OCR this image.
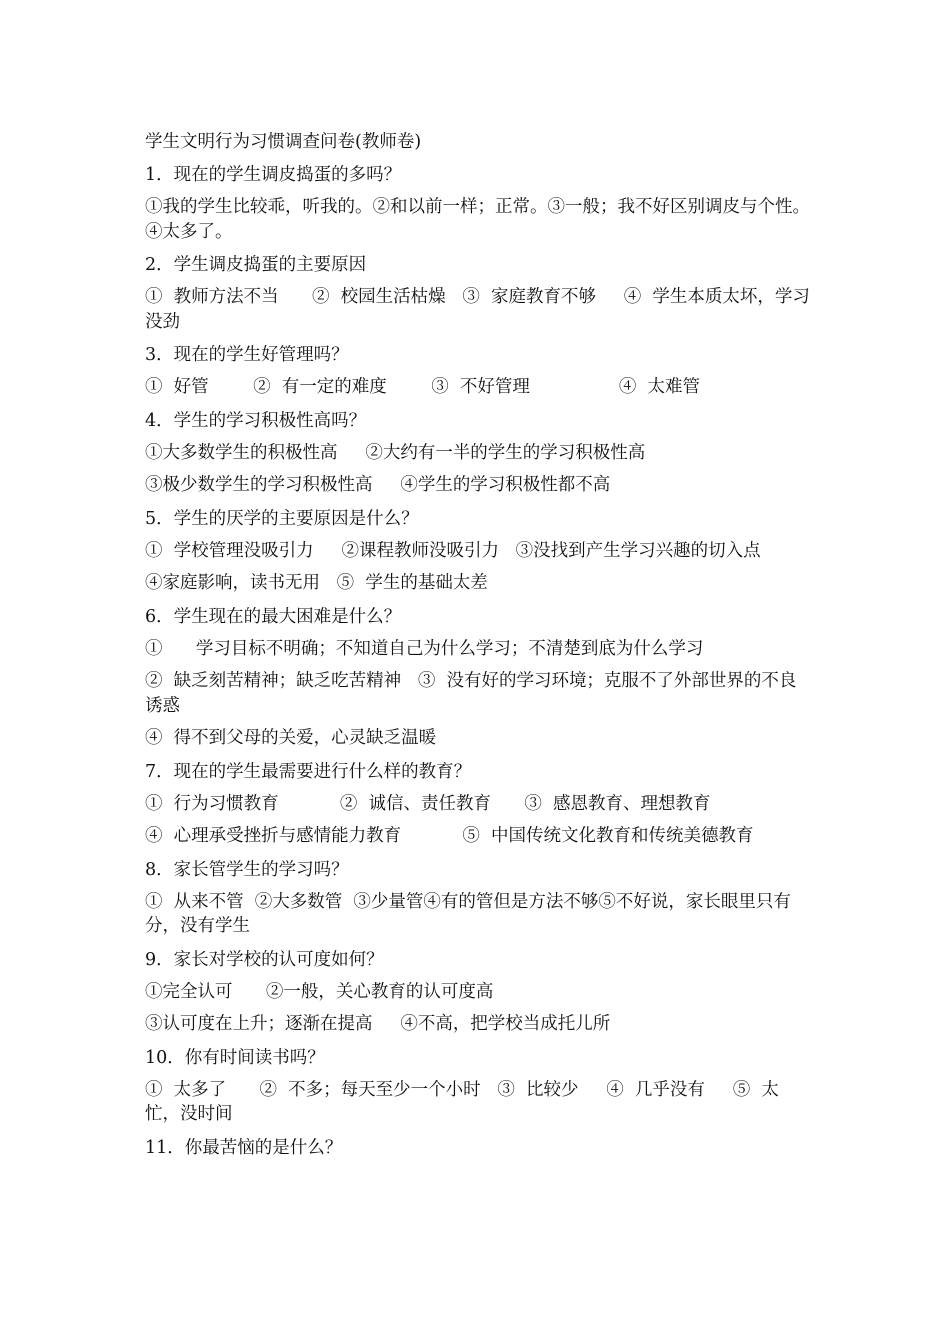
学生文明行为习惯调查问卷(教师卷)

1．现在的学生调皮捣蛋的多吗？

①我的学生比较乖，听我的。②和以前一样；正常。③一般；我不好区别调皮与个性。④太多了。

2．学生调皮捣蛋的主要原因

①  教师方法不当      ②  校园生活枯燥   ③  家庭教育不够     ④  学生本质太坏，学习没劲

3．现在的学生好管理吗？

①  好管        ②  有一定的难度        ③  不好管理                ④  太难管

4．学生的学习积极性高吗？

①大多数学生的积极性高     ②大约有一半的学生的学习积极性高

③极少数学生的学习积极性高     ④学生的学习积极性都不高

5．学生的厌学的主要原因是什么？

①  学校管理没吸引力     ②课程教师没吸引力   ③没找到产生学习兴趣的切入点

④家庭影响，读书无用   ⑤  学生的基础太差

6．学生现在的最大困难是什么？

①      学习目标不明确；不知道自己为什么学习；不清楚到底为什么学习

②  缺乏刻苦精神；缺乏吃苦精神   ③  没有好的学习环境；克服不了外部世界的不良诱惑

④  得不到父母的关爱，心灵缺乏温暖

7．现在的学生最需要进行什么样的教育？

①  行为习惯教育           ②  诚信、责任教育      ③  感恩教育、理想教育

④  心理承受挫折与感情能力教育           ⑤  中国传统文化教育和传统美德教育

8．家长管学生的学习吗？

①  从来不管  ②大多数管  ③少量管④有的管但是方法不够⑤不好说，家长眼里只有分，没有学生

9．家长对学校的认可度如何？

①完全认可      ②一般，关心教育的认可度高

③认可度在上升；逐渐在提高     ④不高，把学校当成托儿所

10．你有时间读书吗？

①  太多了      ②  不多；每天至少一个小时   ③  比较少     ④  几乎没有     ⑤  太忙，没时间

11．你最苦恼的是什么？
